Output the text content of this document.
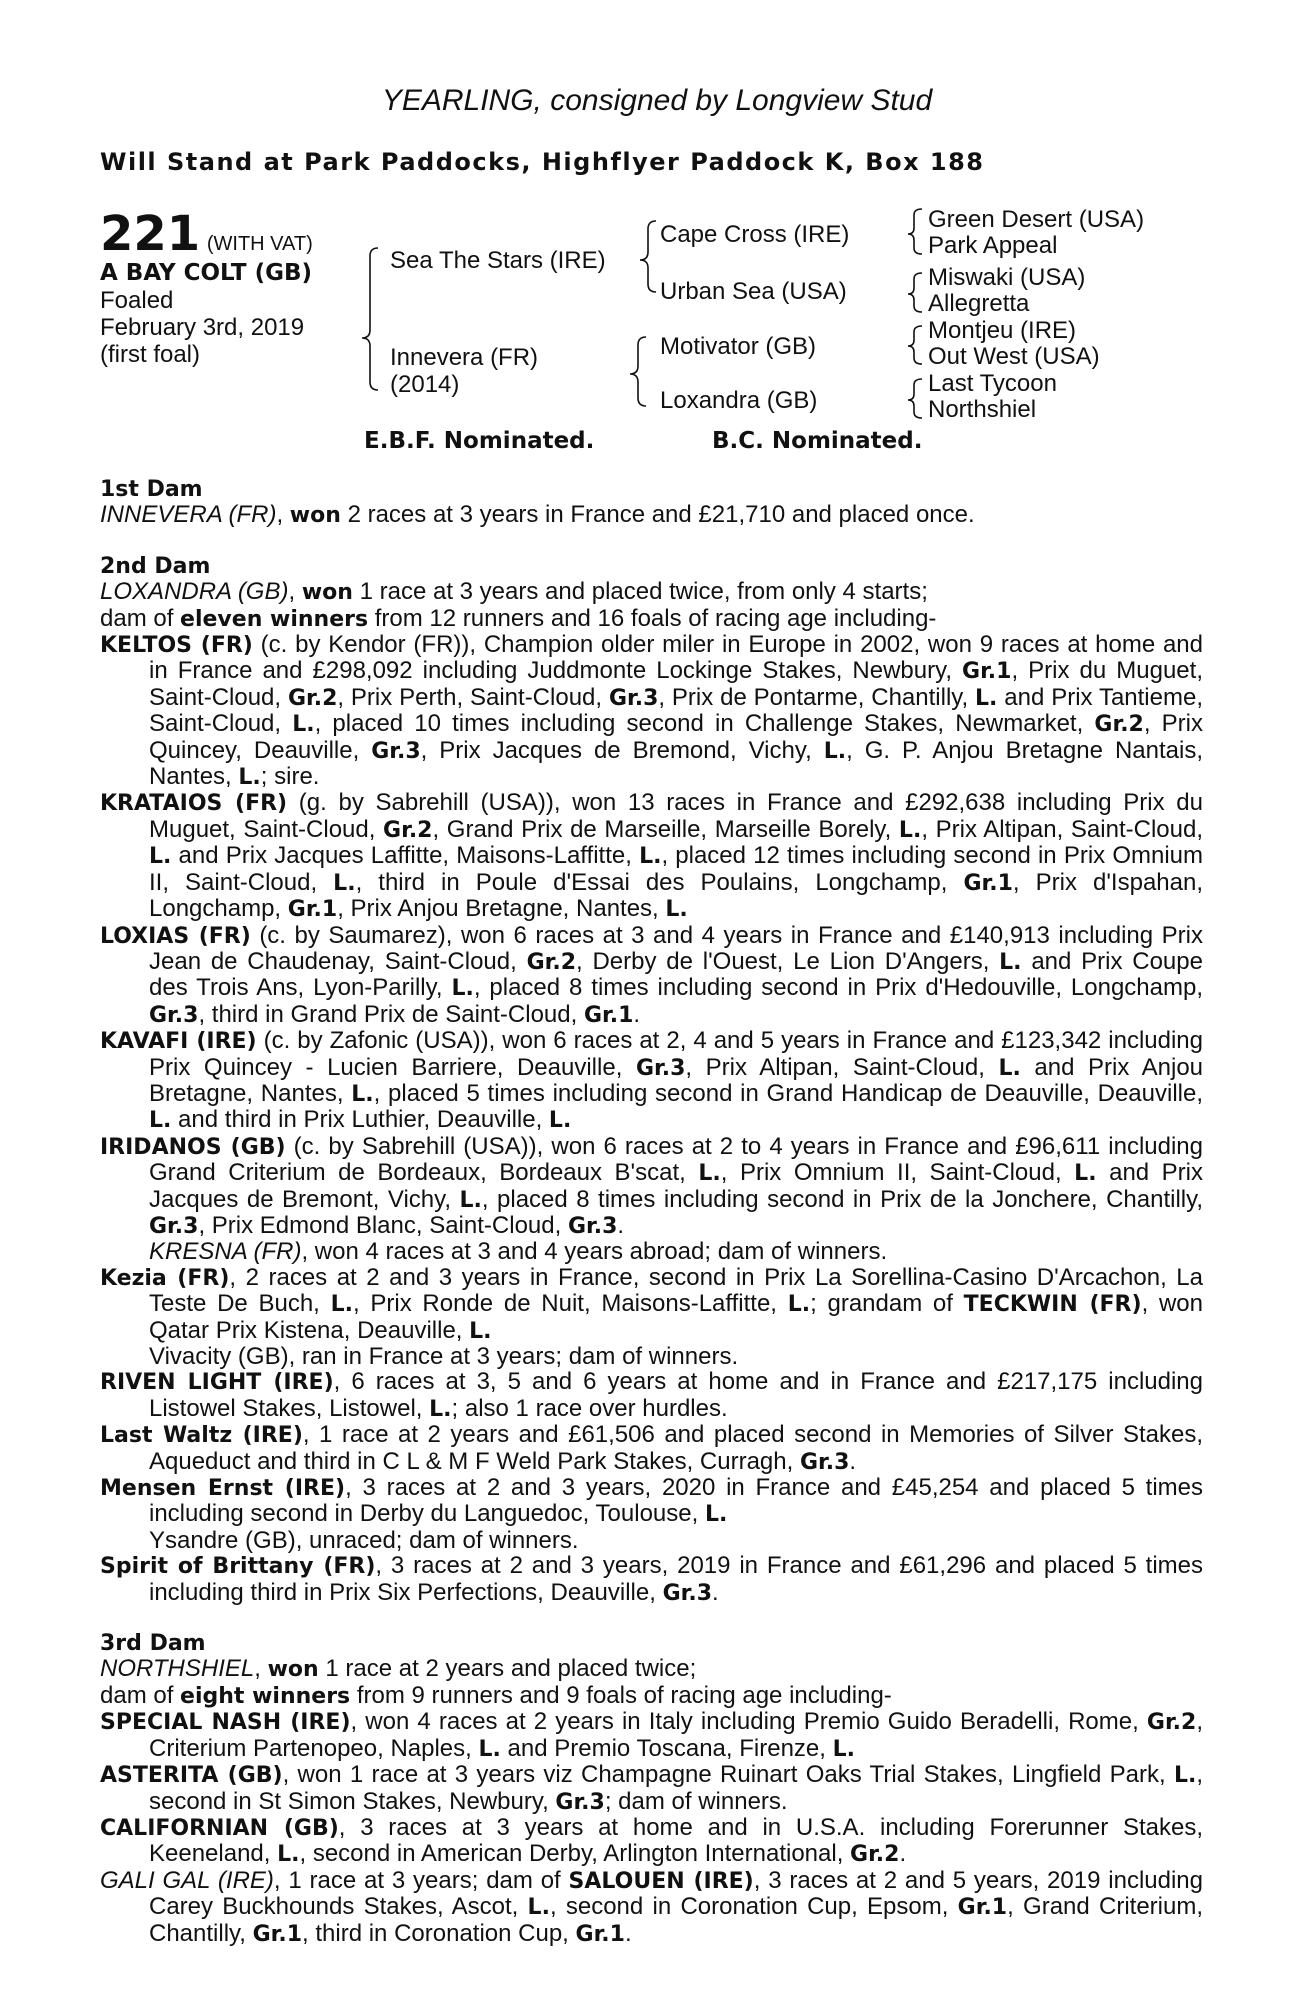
YEARLING, consigned by Longview Stud
Will Stand at Park Paddocks, Highflyer Paddock K, Box 188
221 (WITH VAT)
A BAY COLT (GB)
Foaled
February 3rd, 2019
(first foal)
Sea The Stars (IRE)
Innevera (FR)
(2014)
Cape Cross (IRE)
Urban Sea (USA)
Motivator (GB)
Loxandra (GB)
Green Desert (USA)
Park Appeal
Miswaki (USA)
Allegretta
Montjeu (IRE)
Out West (USA)
Last Tycoon
Northshiel
E.B.F. Nominated.	B.C. Nominated.

1st Dam

INNEVERA (FR), won 2 races at 3 years in France and £21,710 and placed once.

2nd Dam

LOXANDRA (GB), won 1 race at 3 years and placed twice, from only 4 starts;

dam of eleven winners from 12 runners and 16 foals of racing age including-

KELTOS (FR) (c. by Kendor (FR)), Champion older miler in Europe in 2002, won 9 races at home and in France and £298,092 including Juddmonte Lockinge Stakes, Newbury, Gr.1, Prix du Muguet, Saint-Cloud, Gr.2, Prix Perth, Saint-Cloud, Gr.3, Prix de Pontarme, Chantilly, L. and Prix Tantieme, Saint-Cloud, L., placed 10 times including second in Challenge Stakes, Newmarket, Gr.2, Prix Quincey, Deauville, Gr.3, Prix Jacques de Bremond, Vichy, L., G. P. Anjou Bretagne Nantais, Nantes, L.; sire.

KRATAIOS (FR) (g. by Sabrehill (USA)), won 13 races in France and £292,638 including Prix du Muguet, Saint-Cloud, Gr.2, Grand Prix de Marseille, Marseille Borely, L., Prix Altipan, Saint-Cloud, L. and Prix Jacques Laffitte, Maisons-Laffitte, L., placed 12 times including second in Prix Omnium II, Saint-Cloud, L., third in Poule d'Essai des Poulains, Longchamp, Gr.1, Prix d'Ispahan, Longchamp, Gr.1, Prix Anjou Bretagne, Nantes, L.

LOXIAS (FR) (c. by Saumarez), won 6 races at 3 and 4 years in France and £140,913 including Prix Jean de Chaudenay, Saint-Cloud, Gr.2, Derby de l'Ouest, Le Lion D'Angers, L. and Prix Coupe des Trois Ans, Lyon-Parilly, L., placed 8 times including second in Prix d'Hedouville, Longchamp, Gr.3, third in Grand Prix de Saint-Cloud, Gr.1.

KAVAFI (IRE) (c. by Zafonic (USA)), won 6 races at 2, 4 and 5 years in France and £123,342 including Prix Quincey - Lucien Barriere, Deauville, Gr.3, Prix Altipan, Saint-Cloud, L. and Prix Anjou Bretagne, Nantes, L., placed 5 times including second in Grand Handicap de Deauville, Deauville, L. and third in Prix Luthier, Deauville, L.

IRIDANOS (GB) (c. by Sabrehill (USA)), won 6 races at 2 to 4 years in France and £96,611 including Grand Criterium de Bordeaux, Bordeaux B'scat, L., Prix Omnium II, Saint-Cloud, L. and Prix Jacques de Bremont, Vichy, L., placed 8 times including second in Prix de la Jonchere, Chantilly, Gr.3, Prix Edmond Blanc, Saint-Cloud, Gr.3.

KRESNA (FR), won 4 races at 3 and 4 years abroad; dam of winners.

Kezia (FR), 2 races at 2 and 3 years in France, second in Prix La Sorellina-Casino D'Arcachon, La Teste De Buch, L., Prix Ronde de Nuit, Maisons-Laffitte, L.; grandam of TECKWIN (FR), won Qatar Prix Kistena, Deauville, L.

Vivacity (GB), ran in France at 3 years; dam of winners.

RIVEN LIGHT (IRE), 6 races at 3, 5 and 6 years at home and in France and £217,175 including Listowel Stakes, Listowel, L.; also 1 race over hurdles.

Last Waltz (IRE), 1 race at 2 years and £61,506 and placed second in Memories of Silver Stakes, Aqueduct and third in C L & M F Weld Park Stakes, Curragh, Gr.3.

Mensen Ernst (IRE), 3 races at 2 and 3 years, 2020 in France and £45,254 and placed 5 times including second in Derby du Languedoc, Toulouse, L.

Ysandre (GB), unraced; dam of winners.

Spirit of Brittany (FR), 3 races at 2 and 3 years, 2019 in France and £61,296 and placed 5 times including third in Prix Six Perfections, Deauville, Gr.3.

3rd Dam

NORTHSHIEL, won 1 race at 2 years and placed twice;

dam of eight winners from 9 runners and 9 foals of racing age including-

SPECIAL NASH (IRE), won 4 races at 2 years in Italy including Premio Guido Beradelli, Rome, Gr.2, Criterium Partenopeo, Naples, L. and Premio Toscana, Firenze, L.

ASTERITA (GB), won 1 race at 3 years viz Champagne Ruinart Oaks Trial Stakes, Lingfield Park, L., second in St Simon Stakes, Newbury, Gr.3; dam of winners.

CALIFORNIAN (GB), 3 races at 3 years at home and in U.S.A. including Forerunner Stakes, Keeneland, L., second in American Derby, Arlington International, Gr.2.

GALI GAL (IRE), 1 race at 3 years; dam of SALOUEN (IRE), 3 races at 2 and 5 years, 2019 including Carey Buckhounds Stakes, Ascot, L., second in Coronation Cup, Epsom, Gr.1, Grand Criterium, Chantilly, Gr.1, third in Coronation Cup, Gr.1.
